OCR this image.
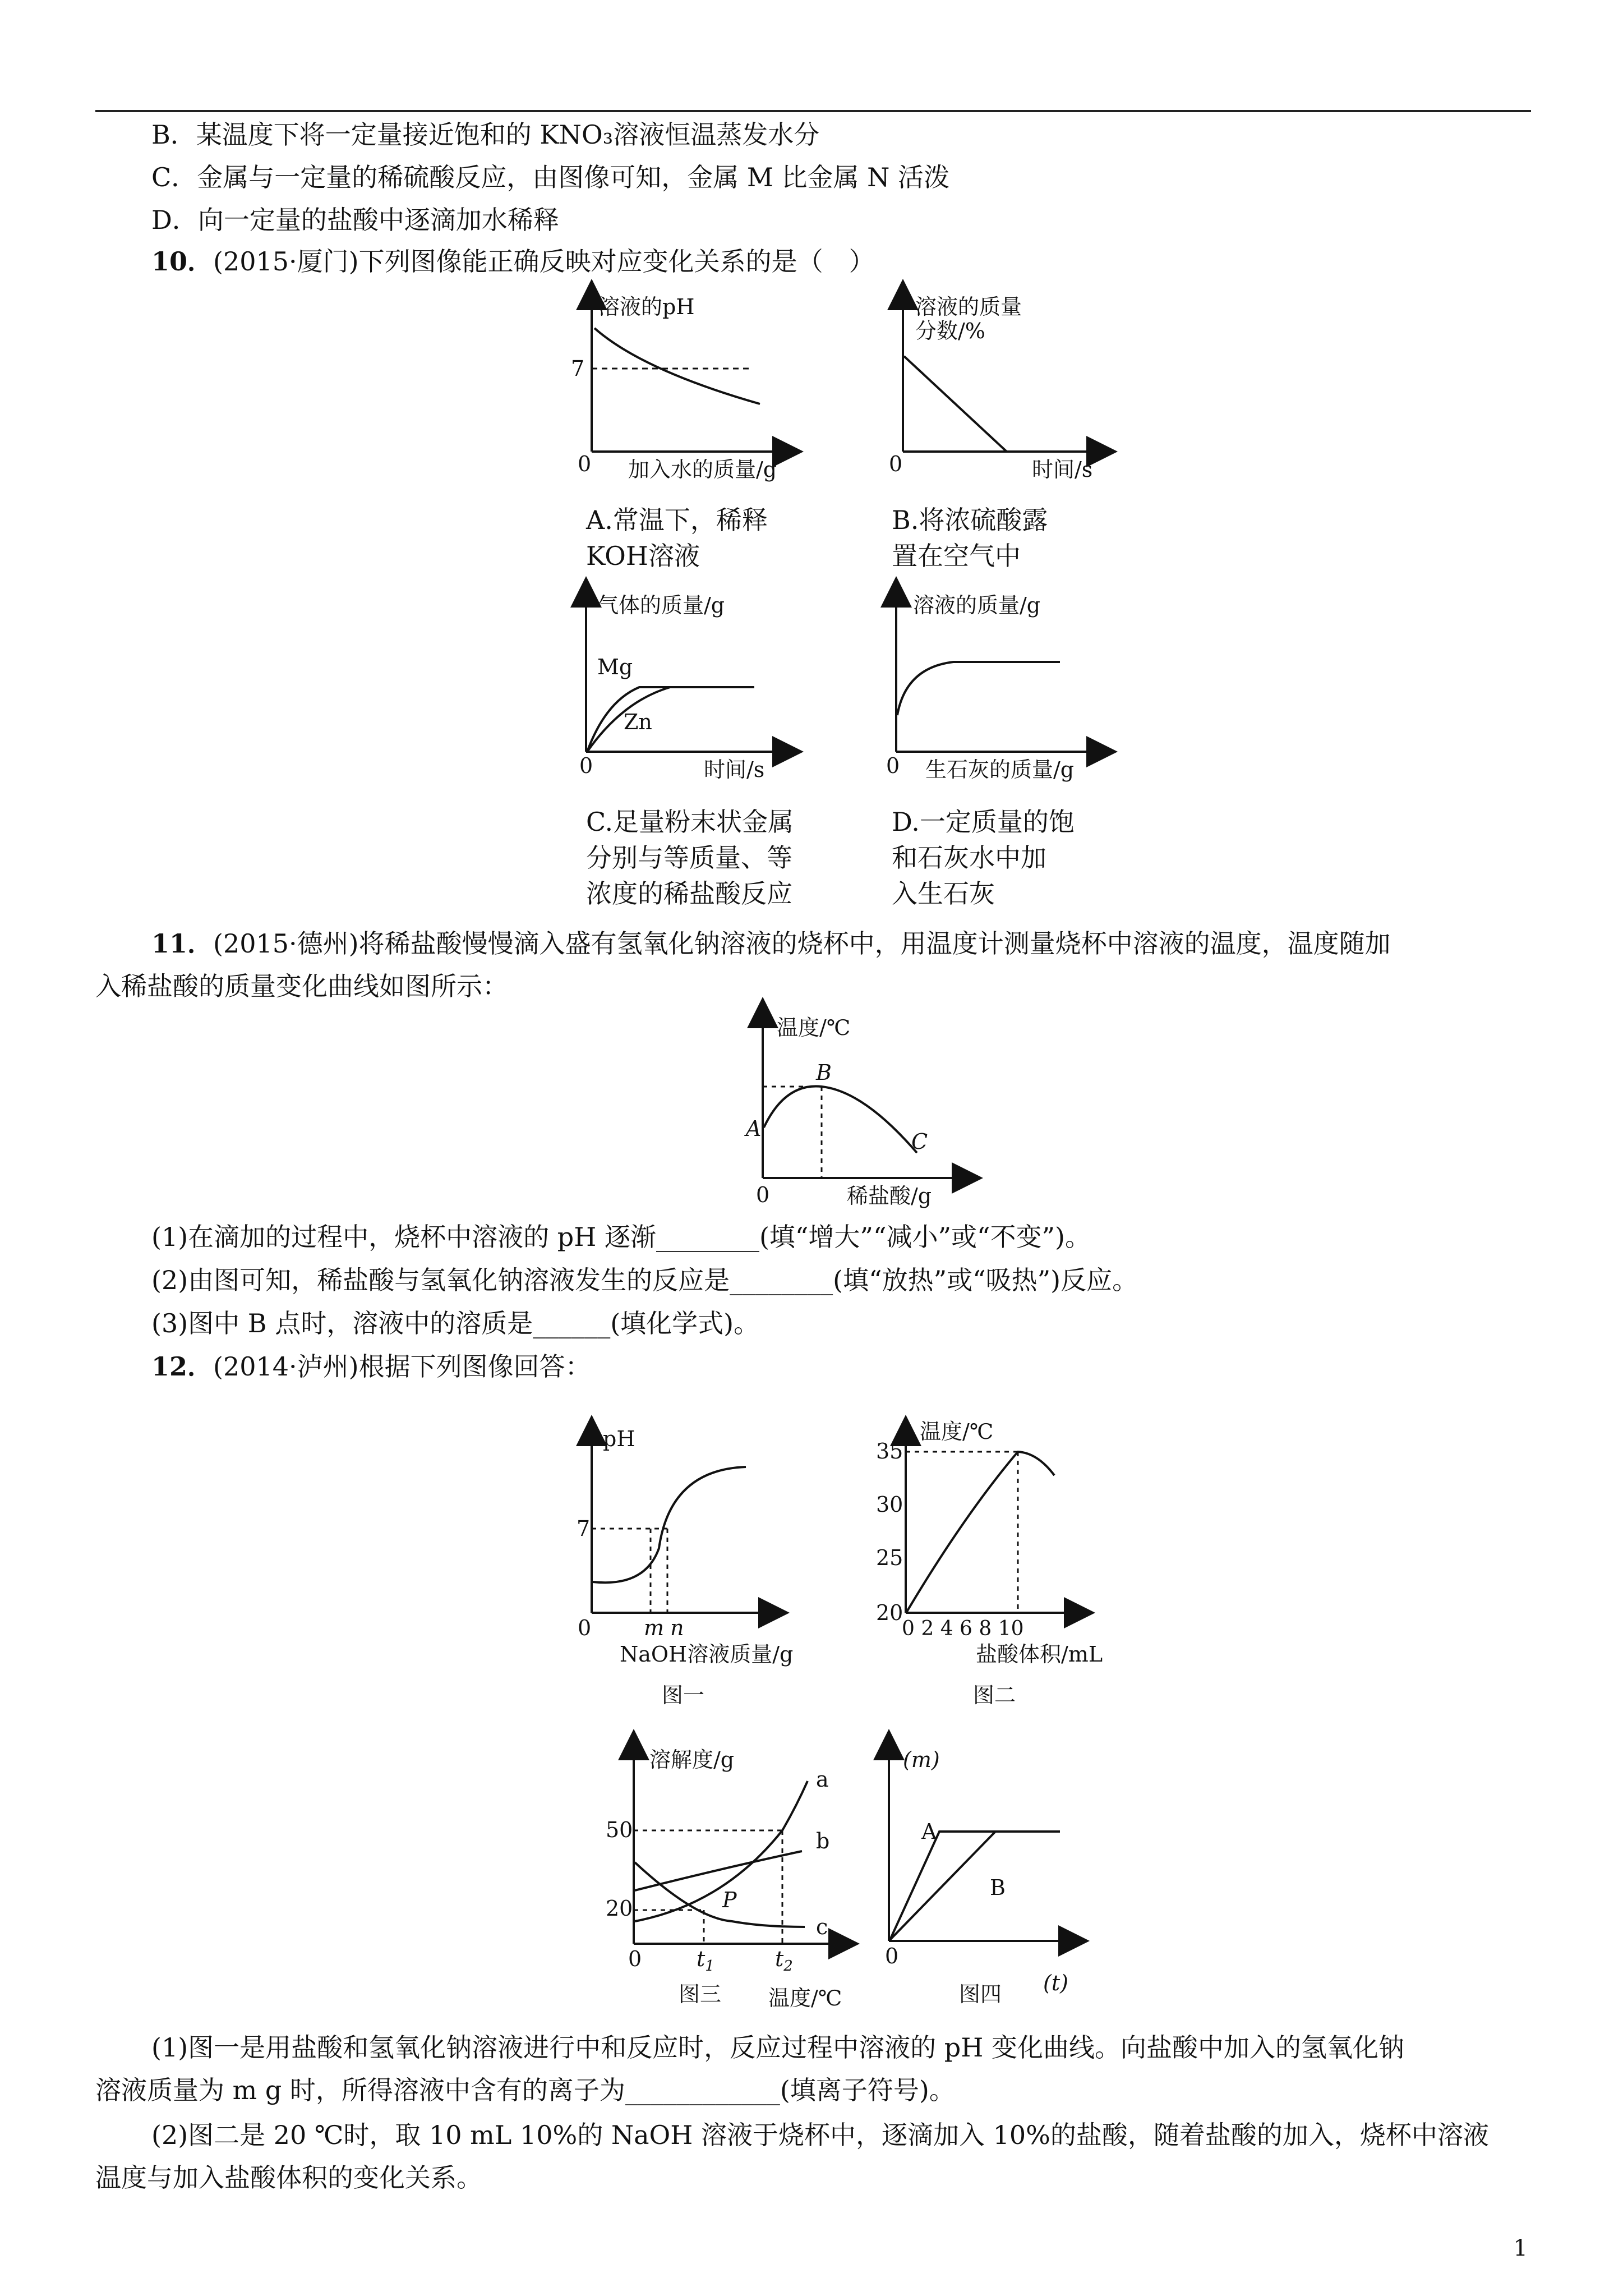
B．某温度下将一定量接近饱和的 KNO₃溶液恒温蒸发水分
C．金属与一定量的稀硫酸反应，由图像可知，金属 M 比金属 N 活泼
D．向一定量的盐酸中逐滴加水稀释
10．(2015·厦门)下列图像能正确反映对应变化关系的是（　）
溶液的pH
7
0 加入水的质量/g
溶液的质量
分数/%
0	时间/s
气体的质量/g
Mg
Zn
0	时间/s
溶液的质量/g
0 生石灰的质量/g
温度/℃
A
B
C
0	稀盐酸/g
pH
7
0 m n
NaOH溶液质量/g
图一
温度/℃
35
30
25
20
0 2 4 6 8 10
盐酸体积/mL
图二
溶解度/g
50
20
a
b
c
P
0	$t_1$	$t_2$
温度/℃
图三
(m)
A
B
0
(t)
图四
A.常温下，稀释
KOH溶液
B.将浓硫酸露
置在空气中
C.足量粉末状金属
分别与等质量、等
浓度的稀盐酸反应
D.一定质量的饱
和石灰水中加
入生石灰
11．(2015·德州)将稀盐酸慢慢滴入盛有氢氧化钠溶液的烧杯中，用温度计测量烧杯中溶液的温度，温度随加
入稀盐酸的质量变化曲线如图所示：
(1)在滴加的过程中，烧杯中溶液的 pH 逐渐________(填“增大”“减小”或“不变”)。
(2)由图可知，稀盐酸与氢氧化钠溶液发生的反应是________(填“放热”或“吸热”)反应。
(3)图中 B 点时，溶液中的溶质是______(填化学式)。
12．(2014·泸州)根据下列图像回答：
(1)图一是用盐酸和氢氧化钠溶液进行中和反应时，反应过程中溶液的 pH 变化曲线。向盐酸中加入的氢氧化钠
溶液质量为 m g 时，所得溶液中含有的离子为____________(填离子符号)。
(2)图二是 20 ℃时，取 10 mL 10%的 NaOH 溶液于烧杯中，逐滴加入 10%的盐酸，随着盐酸的加入，烧杯中溶液
温度与加入盐酸体积的变化关系。
1
